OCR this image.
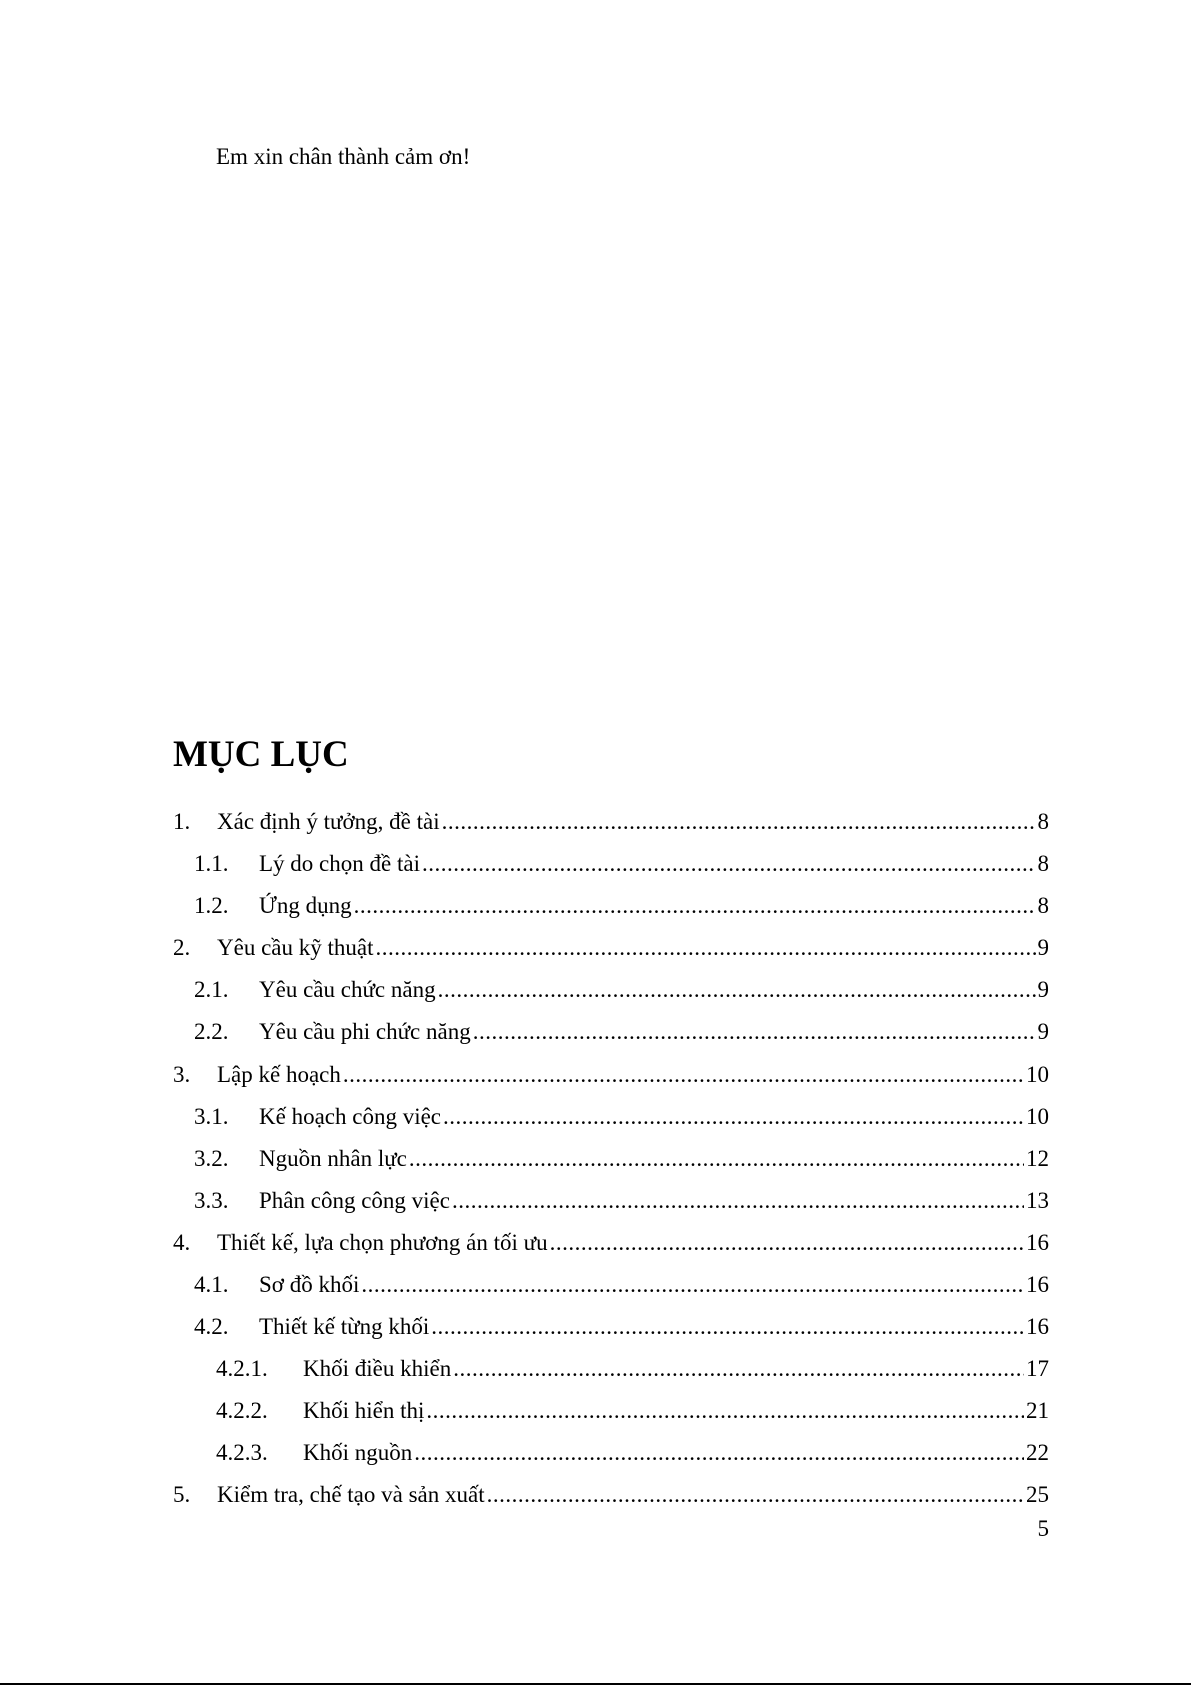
Em xin chân thành cảm ơn!
MỤC LỤC
1.	Xác định ý tưởng, đề tài .....	8
1.1.	Lý do chọn đề tài .....	8
1.2.	Ứng dụng .....	8
2.	Yêu cầu kỹ thuật .....	9
2.1.	Yêu cầu chức năng .....	9
2.2.	Yêu cầu phi chức năng .....	9
3.	Lập kế hoạch .....	10
3.1.	Kế hoạch công việc .....	10
3.2.	Nguồn nhân lực .....	12
3.3.	Phân công công việc .....	13
4.	Thiết kế, lựa chọn phương án tối ưu .....	16
4.1.	Sơ đồ khối .....	16
4.2.	Thiết kế từng khối .....	16
4.2.1.	Khối điều khiển .....	17
4.2.2.	Khối hiển thị .....	21
4.2.3.	Khối nguồn .....	22
5.	Kiểm tra, chế tạo và sản xuất .....	25
5
